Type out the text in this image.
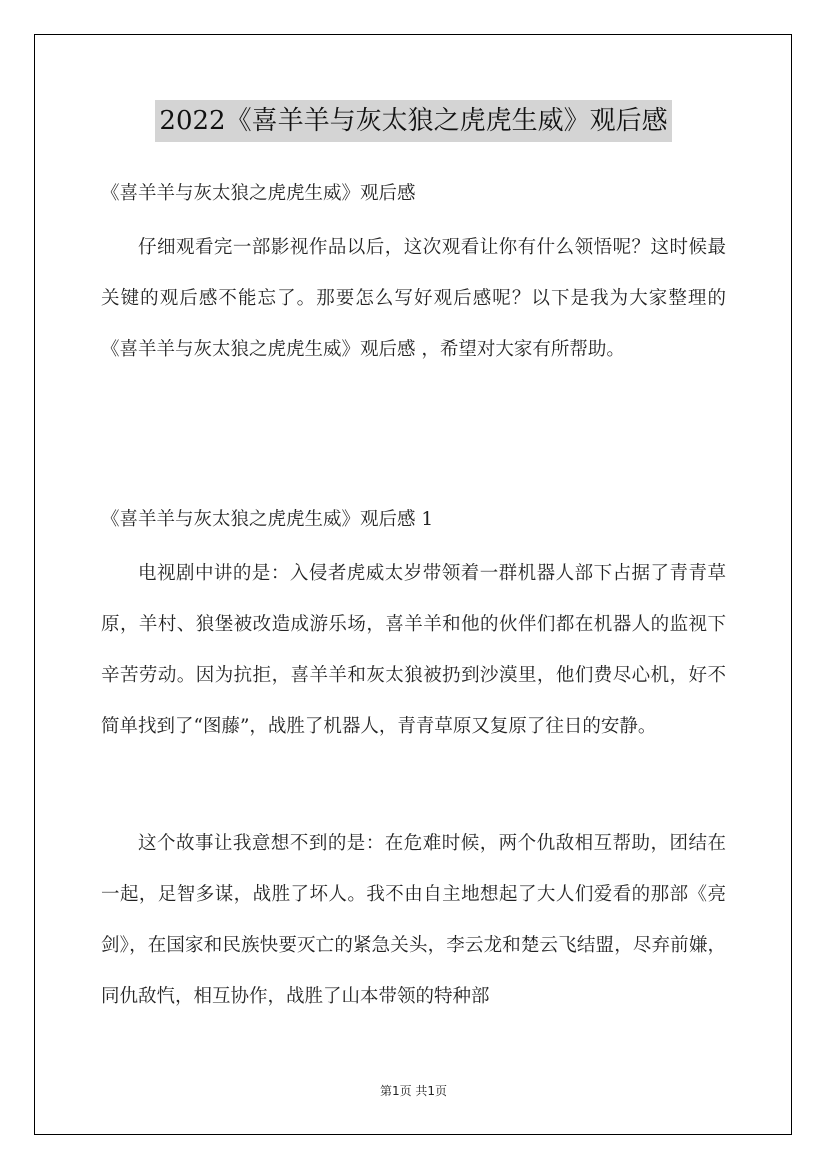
2022《喜羊羊与灰太狼之虎虎生威》观后感

《喜羊羊与灰太狼之虎虎生威》观后感

仔细观看完一部影视作品以后，这次观看让你有什么领悟呢？这时候最关键的观后感不能忘了。那要怎么写好观后感呢？以下是我为大家整理的《喜羊羊与灰太狼之虎虎生威》观后感 ，希望对大家有所帮助。

《喜羊羊与灰太狼之虎虎生威》观后感 1

电视剧中讲的是：入侵者虎威太岁带领着一群机器人部下占据了青青草原，羊村、狼堡被改造成游乐场，喜羊羊和他的伙伴们都在机器人的监视下辛苦劳动。因为抗拒，喜羊羊和灰太狼被扔到沙漠里，他们费尽心机，好不简单找到了“图藤”，战胜了机器人，青青草原又复原了往日的安静。

这个故事让我意想不到的是：在危难时候，两个仇敌相互帮助，团结在一起，足智多谋，战胜了坏人。我不由自主地想起了大人们爱看的那部《亮剑》，在国家和民族快要灭亡的紧急关头，李云龙和楚云飞结盟，尽弃前嫌，同仇敌忾，相互协作，战胜了山本带领的特种部

第1页 共1页
